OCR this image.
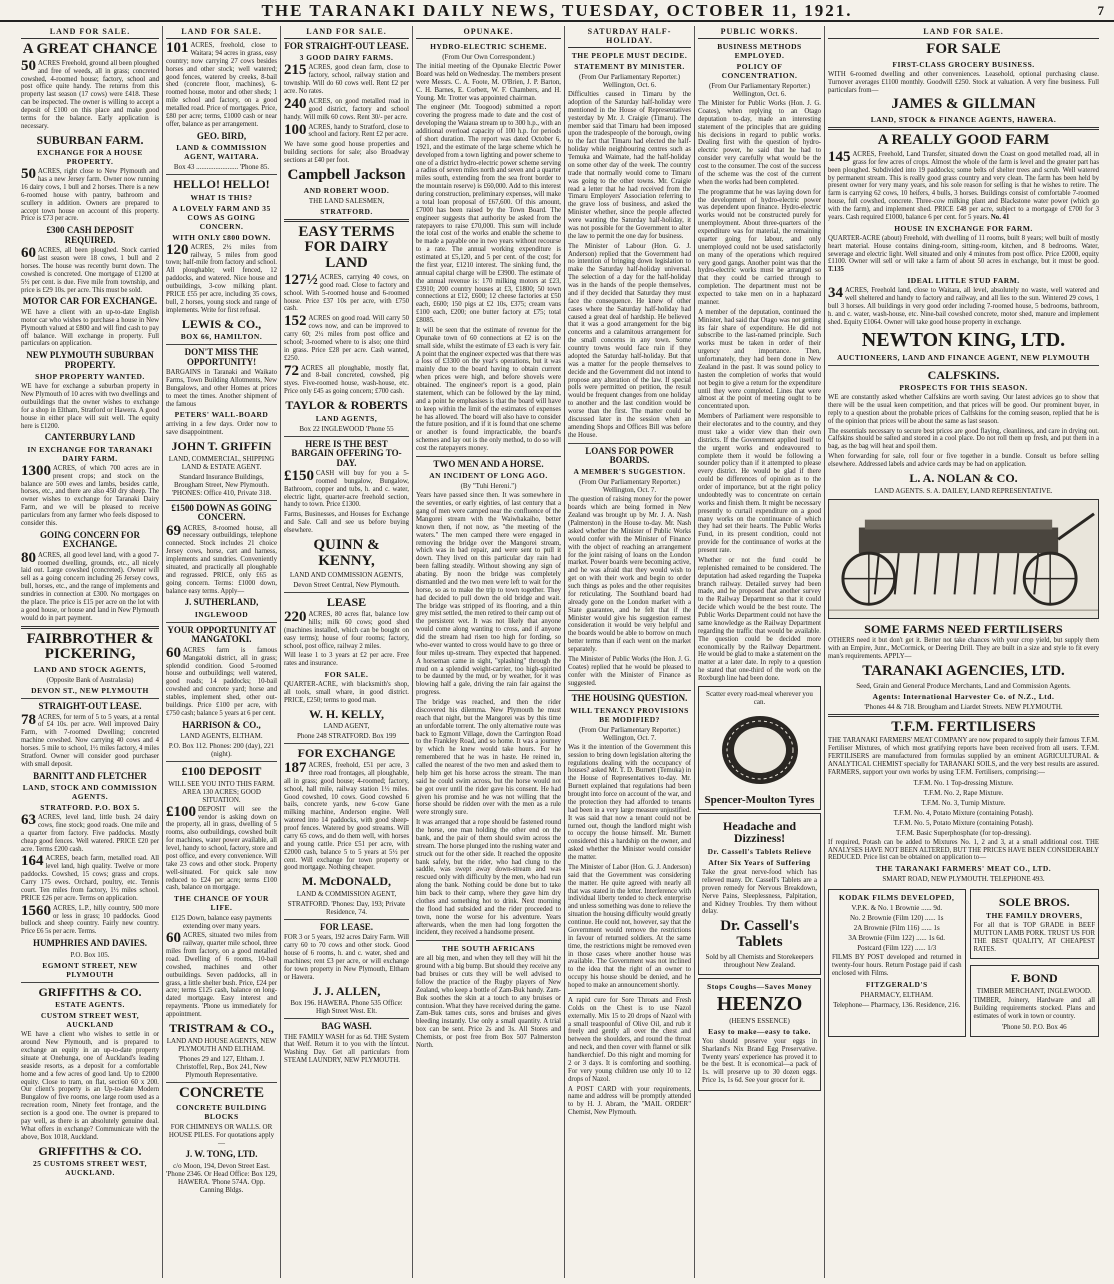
THE TARANAKI DAILY NEWS, TUESDAY, OCTOBER 11, 1921.	7
LAND FOR SALE.
A GREAT CHANCE
50 ACRES Freehold, ground all been ploughed and free of weeds, all in grass; concreted cowshed, 4-roomed house; factory, school and post office quite handy. The returns from this property last season (17 cows) were £418. These can be inspected. The owner is willing to accept a deposit of £100 on this place and make good terms for the balance. Early application is necessary.
SUBURBAN FARM.
EXCHANGE FOR A HOUSE PROPERTY.
50 ACRES, right close to New Plymouth and has a new Jersey farm. Owner now running 16 dairy cows, 1 bull and 2 horses. There is a new 6-roomed house with pantry, bathroom and scullery in addition. Owners are prepared to accept town house on account of this property. Price is £73 per acre.
£300 CASH DEPOSIT REQUIRED.
60 ACRES, all been ploughed. Stock carried last season were 18 cows, 1 bull and 2 horses. The house was recently burnt down. The cowshed is concreted. One mortgage of £1200 at 5½ per cent. is due. Five mile from township, and price is £29 10s. per acre. This must be sold.
MOTOR CAR FOR EXCHANGE.
WE have a client with an up-to-date English motor car who wishes to purchase a house in New Plymouth valued at £800 and will find cash to pay off balance. Will exchange in property. Full particulars on application.
NEW PLYMOUTH SUBURBAN PROPERTY.
SHOP PROPERTY WANTED.
WE have for exchange a suburban property in New Plymouth of 10 acres with two dwellings and outbuildings that the owner wishes to exchange for a shop in Eltham, Stratford or Hawera. A good house in either place will suit well. The equity here is £1200.
CANTERBURY LAND
IN EXCHANGE FOR TARANAKI DAIRY FARM.
1300 ACRES, of which 700 acres are in present crops; and stock on the balance are 500 ewes and lambs, besides cattle, horses, etc., and there are also 450 dry sheep. The owner wishes to exchange for Taranaki Dairy Farm, and we will be pleased to receive particulars from any farmer who feels disposed to consider this.
GOING CONCERN FOR EXCHANGE.
80 ACRES, all good level land, with a good 7-roomed dwelling, grounds, etc., all nicely laid out. Large cowshed (concreted). Owner will sell as a going concern including 26 Jersey cows, bull, horses, etc., and the range of implements and sundries in connection at £300. No mortgages on the place. The price is £15 per acre on the lot with a good house, or house and land in New Plymouth would do in part payment.
FAIRBROTHER & PICKERING,
LAND AND STOCK AGENTS,
(Opposite Bank of Australasia)
DEVON ST., NEW PLYMOUTH
STRAIGHT-OUT LEASE.
78 ACRES, for term of 5 to 5 years, at a rental of £4 10s. per acre. Well improved Dairy Farm, with 7-roomed Dwelling; concreted machine cowshed. Now carrying 40 cows and 4 horses. 5 mile to school, 1½ miles factory, 4 miles Stratford. Owner will consider good purchaser with small deposit.
BARNITT AND FLETCHER
LAND, STOCK AND COMMISSION AGENTS.
STRATFORD. P.O. BOX 5.
63 ACRES, level land, little bush. 24 dairy cows, fine stock; good roads. One mile and a quarter from factory. Five paddocks. Mostly cheap good fences. Well watered. PRICE £20 per acre. Terms £200 cash.
164 ACRES, beach farm, metalled road. All level land, high quality. Twelve or more paddocks. Cowshed, 15 cows; grass and crops. Carry 175 ewes. Orchard, poultry, etc. Tennis court. Ten miles from factory, 1½ miles school. PRICE £26 per acre. Terms on application.
1560 ACRES, L.P., hilly country, 500 more or less in grass; 10 paddocks. Good bullock and sheep country. Fairly new country. Price £6 5s per acre. Terms.
HUMPHRIES AND DAVIES.
P.O. Box 105.
EGMONT STREET, NEW PLYMOUTH
GRIFFITHS & CO.
ESTATE AGENTS.
CUSTOM STREET WEST, AUCKLAND
WE have a client who wishes to settle in or around New Plymouth, and is prepared to exchange an equity in an up-to-date property situate at Onehunga, one of Auckland's leading seaside resorts, as a deposit for a comfortable home and a few acres of good land. Up to £2000 equity. Close to tram, on flat, section 60 x 200. Our client's property is an Up-to-date Modern Bungalow of five rooms, one large room used as a recreation room, Ninety feet frontage, and the section is a good one. The owner is prepared to pay well, as there is an absolutely genuine deal. What offers in exchange? Communicate with the above, Box 1018, Auckland.
GRIFFITHS & CO.
25 CUSTOMS STREET WEST, AUCKLAND.
LAND FOR SALE.
101 ACRES, freehold, close to Waitara; 94 acres in grass, easy country; now carrying 27 cows besides horses and other stock; well watered; good fences, watered by creeks, 8-bail shed (concrete floor, machines), 6-roomed house, motor and other sheds; 1 mile school and factory, on a good metalled road. Price of mortgages. Price, £80 per acre; terms, £1000 cash or near offer, balance as per arrangement.
GEO. BIRD,
LAND & COMMISSION AGENT, WAITARA.
Box 43 ........................ 'Phone 85.
HELLO! HELLO!
WHAT IS THIS?
A LOVELY FARM AND 35 COWS AS GOING CONCERN.
WITH ONLY £800 DOWN.
120 ACRES, 2½ miles from railway, 5 miles from good town; half-mile from factory and school. All ploughable; well fenced, 12 paddocks, and watered. Nice house and outbuildings, 3-cow milking plant. PRICE £55 per acre, including 35 cows, bull, 2 horses, young stock and range of implements. Write for first refusal.
LEWIS & CO.,
BOX 66, HAMILTON.
DON'T MISS THE OPPORTUNITY!
BARGAINS in Taranaki and Waikato Farms, Town Building Allotments, New Bungalows, and other Homes at prices to meet the times. Another shipment of the famous
PETERS' WALL-BOARD
arriving in a few days. Order now to save disappointment.
JOHN T. GRIFFIN
LAND, COMMERCIAL, SHIPPING LAND & ESTATE AGENT.
Standard Insurance Buildings, Brougham Street, New Plymouth. 'PHONES: Office 410, Private 318.
£1500 DOWN AS GOING CONCERN.
69 ACRES, 8-roomed house, all necessary outbuildings, telephone connected. Stock includes 21 choice Jersey cows, horse, cart and harness, implements and sundries. Conveniently situated, and practically all ploughable and regrassed. PRICE, only £65 as going concern. Terms: £1000 down, balance easy terms. Apply—
J. SUTHERLAND,
INGLEWOOD
YOUR OPPORTUNITY AT MANGATOKI.
60 ACRES farm is famous Mangatoki district, all in grass; splendid condition. Good 5-roomed house and outbuildings; well watered, good roads; 14 paddocks; 10-bail cowshed and concrete yard; horse and stables, implement shed, other out-buildings. Price £100 per acre, with £750 cash; balance 5 years at 6 per cent.
HARRISON & CO.,
LAND AGENTS, ELTHAM.
P.O. Box 112. Phones: 200 (day), 221 (night).
£100 DEPOSIT
WILL SEE YOU INTO THIS FARM. AREA 130 ACRES; GOOD SITUATION.
£100 DEPOSIT will see the vendor is asking down on the property, all in grass, dwelling of 5 rooms, also outbuildings, cowshed built for machines, water power available, all level, handy to school, factory, store and post office, and every convenience. Will take 23 cows and other stock. Property well-situated. For quick sale now reduced to £24 per acre; terms £100 cash, balance on mortgage.
THE CHANCE OF YOUR LIFE.
£125 Down, balance easy payments extending over many years.
60 ACRES, situated two miles from railway, quarter mile school, three miles from factory, on a good metalled road. Dwelling of 6 rooms, 10-bail cowshed, machines and other outbuildings. Seven paddocks, all in grass, a little shelter bush. Price, £24 per acre; terms £125 cash, balance on long-dated mortgage. Easy interest and repayments. 'Phone us immediately for appointment.
TRISTRAM & CO.,
LAND AND HOUSE AGENTS, NEW PLYMOUTH AND ELTHAM.
'Phones 29 and 127, Eltham. J. Christoffel, Rep., Box 241, New Plymouth Representative.
CONCRETE
CONCRETE BUILDING BLOCKS
FOR CHIMNEYS OR WALLS. OR HOUSE PILES. For quotations apply—
J. W. TONG, LTD.
c/o Moon, 194, Devon Street East. 'Phone 2346. Or Head Office: Box 129, HAWERA. 'Phone 574A. Opp. Canning Bldgs.
LAND FOR SALE.
FOR STRAIGHT-OUT LEASE.
3 GOOD DAIRY FARMS.
215 ACRES, good clean farm, close to factory, school, railway station and township. Will do 60 cows well. Rent £2 per acre. No rates.
240 ACRES, on good metalled road in good district, factory and school handy. Will milk 60 cows. Rent 30/- per acre.
100 ACRES, handy to Stratford, close to school and factory. Rent £2 per acre.
We have some good house properties and building sections for sale; also Broadway sections at £40 per foot.
Campbell Jackson
AND ROBERT WOOD.
THE LAND SALESMEN,
STRATFORD.
EASY TERMS FOR DAIRY LAND
127½ ACRES, carrying 40 cows, on good road. Close to factory and school. With 5-roomed house and 6-roomed house. Price £37 10s per acre, with £750 cash.
152 ACRES on good road. Will carry 50 cows now, and can be improved to carry 60; 2½ miles from post office and school; 3-roomed where to is also; one third in grass. Price £28 per acre. Cash wanted, £250.
72 ACRES all ploughable, mostly flat, and 8-bail concreted, cowshed, pig styes. Five-roomed house, wash-house, etc. Price only £45 as going concern; £700 cash.
TAYLOR & ROBERTS
LAND AGENTS,
Box 22 INGLEWOOD 'Phone 55
HERE IS THE BEST BARGAIN OFFERING TO-DAY.
£150 CASH will buy for you a 5-roomed bungalow, Bungalow, Bathroom, copper and tubs, h. and c. water, electric light, quarter-acre freehold section, handy to town. Price £1300.
Farms, Businesses, and Houses for Exchange and Sale. Call and see us before buying elsewhere.
QUINN & KENNY,
LAND AND COMMISSION AGENTS,
Devon Street Central, New Plymouth.
LEASE
220 ACRES, 80 acres flat, balance low hills; milk 60 cows; good shed (machines installed, which can be bought on easy terms); house of four rooms; factory, school, post office, railway 2 miles.
Will lease 1 to 3 years at £2 per acre. Free rates and insurance.
FOR SALE.
QUARTER-ACRE, with blacksmith's shop, all tools, small whare, in good district. PRICE, £250; terms to good man.
W. H. KELLY,
LAND AGENT,
Phone 248 STRATFORD. Box 199
FOR EXCHANGE
187 ACRES, freehold, £51 per acre, 3 three road frontages, all ploughable, all in grass; good house; 4-roomed; factory, school, hall mile, railway station 1½ miles. Good cowshed, 10 cows. Good cowshed 6 bails, concrete yards, new 6-cow Gane milking machine, Anderson engine. Well watered into 14 paddocks, with good sheep-proof fences. Watered by good streams. Will carry 65 cows, and do them well, with horses and young cattle. Price £51 per acre, with £2000 cash, balance 5 to 5 years at 5½ per cent. Will exchange for town property or good mortgage. Nothing cheaper.
M. McDONALD,
LAND & COMMISSION AGENT,
STRATFORD. 'Phones: Day, 193; Private Residence, 74.
FOR LEASE.
FOR 3 or 5 years, 192 acres Dairy Farm. Will carry 60 to 70 cows and other stock. Good house of 6 rooms, h. and c. water, shed and machines; rent £3 per acre, or will exchange for town property in New Plymouth, Eltham or Hawera.
J. J. ALLEN,
Box 196. HAWERA. Phone 535 Office: High Street West. Elt.
BAG WASH.
THE FAMILY WASH for as 6d. THE System that Welf. Return it to you with the lintcut. Washing Day. Get all particulars from STEAM LAUNDRY, NEW PLYMOUTH.
OPUNAKE.
HYDRO-ELECTRIC SCHEME.
(From Our Own Correspondent.)
The initial meeting of the Opunake Electric Power Board was held on Wednesday. The members present were Messrs. C. A. Foote, M. O'Brien, J. P. Barton, C. H. Barnes, E. Corbett, W. F. Chambers, and H. Young. Mr. Trotter was appointed chairman.
The engineer (Mr. Toogood) submitted a report covering the progress made to date and the cost of developing the Waiaua stream up to 300 h.p., with an additional overload capacity of 100 h.p. for periods of short duration. The report was dated October 6, 1921, and the estimate of the large scheme which he developed from a town lighting and power scheme to one of a district hydro-electric power scheme serving a radius of seven miles north and seven and a quarter miles south, extending from the sea front border to the mountain reserve) is £60,000. Add to this interest during construction, preliminary expenses, will make a total loan proposal of £67,600. Of this amount, £7000 has been raised by the Town Board. The engineer suggests that authority be asked from the ratepayers to raise £70,000. This sum will include the total cost of the works and enable the scheme to be made a payable one in two years without recourse to a rate. The annual working expenditure is estimated at £5,120, and 5 per cent. of the cost; for the first year, £1210 interest. The sinking fund, the annual capital charge will be £3900. The estimate of the annual revenue is: 170 milking motors at £23, £3910; 200 country houses at £3, £1800; 50 town connections at £12, £600; 12 cheese factories at £50 each, £600; 150 pigs at £2 10s, £375; cream vans £100 each, £200; one butter factory at £75; total £8085.
It will be seen that the estimate of revenue for the Opunake town of 60 connections at £2 is on the small side, whilst the estimate of £3 each is very fair. A point that the engineer expected was that there was a loss of £3300 on the year's operations, but it was mainly due to the board having to obtain current when prices were high, and before shovels were obtained. The engineer's report is a good, plain statement, which can be followed by the lay mind, and a point he emphasises is that the board will have to keep within the limit of the estimates of expenses he has allowed. The board will also have to consider the future position, and if it is found that one scheme or another is found impracticable, the board's schemes and lay out is the only method, to do so will cost the ratepayers money.
TWO MEN AND A HORSE.
AN INCIDENT OF LONG AGO.
(By "Tuhi Hereni.")
Years have passed since then. It was somewhere in the seventies, or early eighties, of last century that a gang of men were camped near the confluence of the Mangorei stream with the Waiwhakaiho, better known then, if not now, as "the meeting of the waters." The men camped there were engaged in removing the bridge over the Mangorei stream, which was in bad repair, and were sent to pull it down. They lived on this particular day rain had been falling steadily. Without showing any sign of abating. By noon the bridge was completely dismantled and the two men were left to wait for the horse, so as to make the trip to town together. They had decided to pull down the old bridge and wait. The bridge was stripped of its flooring, and a thin grey mist settled, the men retired to their camp out of the persistent wet. It was not likely that anyone would come along wanting to cross, and if anyone did the stream had risen too high for fording, so who-ever wanted to cross would have to go three or four miles up-stream. They expected that happened. A horseman came in sight, "splashing" through the mud on a splendid weight-carrier, too high-spirited to be daunted by the mud, or by weather, for it was blowing half a gale, driving the rain fair against the progress.
The bridge was reached, and then the rider discovered his dilemma. New Plymouth he must reach that night, but the Mangorei was by this time an unfordable torrent. The only alternative route was back to Egmont Village, down the Carrington Road to the Frankley Road, and so home. It was a journey by which he knew would take hours. For he remembered that he was in haste. He reined in, called the nearest of the two men and asked them to help him get his horse across the stream. The man said he could swim across, but the horse would not be got over until the rider gave his consent. He had given his promise and he was not willing that the horse should be ridden over with the men as a rule were strongly sure.
It was arranged that a rope should be fastened round the horse, one man holding the other end on the bank, and the pair of them should swim across the stream. The horse plunged into the rushing water and struck out for the other side. It reached the opposite bank safely, but the rider, who had clung to the saddle, was swept away down-stream and was rescued only with difficulty by the men, who had run along the bank. Nothing could be done but to take him back to their camp, where they gave him dry clothes and something hot to drink. Next morning the flood had subsided and the rider proceeded to town, none the worse for his adventure. Years afterwards, when the men had long forgotten the incident, they received a handsome present.
THE SOUTH AFRICANS
are all big men, and when they tell they will hit the ground with a big bump. But should they receive any bad bruises or cuts they will be well advised to follow the practice of the Rugby players of New Zealand, who keep a bottle of Zam-Buk handy. Zam-Buk soothes the skin at a touch to any bruises or contusion. What they have received during the game. Zam-Buk tames cuts, sores and bruises and gives bleeding instantly. Use only a small quantity. A trial box can be sent. Price 2s and 3s. All Stores and Chemists, or post free from Box 507 Palmerston North.
SATURDAY HALF-HOLIDAY.
THE PEOPLE MUST DECIDE.
STATEMENT BY MINISTER.
(From Our Parliamentary Reporter.) Wellington, Oct. 6.
Difficulties caused in Timaru by the adoption of the Saturday half-holiday were mentioned in the House of Representatives yesterday by Mr. J. Craigie (Timaru). The member said that Timaru had been imposed upon the tradespeople of the borough, owing to the fact that Timaru had elected the half-holiday while neighbouring centres such as Temuka and Waimate, had the half-holiday on some other day of the week. The country trade that normally would come to Timaru was going to the other towns. Mr. Craigie read a letter that he had received from the Timaru Employers' Association referring to the grave loss of business, and asked the Minister whether, since the people affected were wanting the Saturday half-holiday, it was not possible for the Government to alter the law to permit the one day for business.
The Minister of Labour (Hon. G. J. Anderson) replied that the Government had no intention of bringing down legislation to make the Saturday half-holiday universal. The selection of a day for the half-holiday was in the hands of the people themselves, and if they decided that Saturday they must face the consequence. He knew of other cases where the Saturday half-holiday had caused a great deal of hardship. He believed that it was a good arrangement for the big concerns and a calamitous arrangement for the small concerns in any town. Some country towns would face ruin if they adopted the Saturday half-holiday. But that was a matter for the people themselves to decide and the Government did not intend to propose any alteration of the law. If special polls were permitted on petition, the result would be frequent changes from one holiday to another and the last condition would be worse than the first. The matter could be discussed later in the session when an amending Shops and Offices Bill was before the House.
LOANS FOR POWER BOARDS.
A MEMBER'S SUGGESTION.
(From Our Parliamentary Reporter.) Wellington, Oct. 7.
The question of raising money for the power boards which are being formed in New Zealand was brought up by Mr. J. A. Nash (Palmerston) in the House to-day. Mr. Nash asked whether the Minister of Public Works would confer with the Minister of Finance with the object of reaching an arrangement for the joint raising of loans on the London market. Power boards were becoming active, and he was afraid that they would wish to get on with their work and begin to order such things as poles and the other requisites for reticulating. The Southland board had already gone on the London market with a State guarantee, and he felt that if the Minister would give his suggestion earnest consideration it would be very helpful and the boards would be able to borrow on much better terms than if each went on the market separately.
The Minister of Public Works (the Hon. J. G. Coates) replied that he would be pleased to confer with the Minister of Finance as suggested.
THE HOUSING QUESTION.
WILL TENANCY PROVISIONS BE MODIFIED?
(From Our Parliamentary Reporter.) Wellington, Oct. 7.
Was it the intention of the Government this session to bring down legislation altering the regulations dealing with the occupancy of houses? asked Mr. T. D. Burnett (Temuka) in the House of Representatives to-day. Mr. Burnett explained that regulations had been brought into force on account of the war, and the protection they had afforded to tenants had been in a very large measure unjustified. It was said that now a tenant could not be turned out, though the landlord might wish to occupy the house himself. Mr. Burnett considered this a hardship on the owner, and asked whether the Minister would consider the matter.
The Minister of Labor (Hon. G. J. Anderson) said that the Government was considering the matter. He quite agreed with nearly all that was stated in the letter. Interference with individual liberty tended to check enterprise and unless something was done to relieve the situation the housing difficulty would greatly continue. He could not, however, say that the Government would remove the restrictions in favour of returned soldiers. At the same time, the restrictions might be removed even in those cases where another house was available. The Government was not inclined to the idea that the right of an owner to occupy his house should be denied, and he hoped to make an announcement shortly.
A rapid cure for Sore Throats and Fresh Colds on the Chest is to use Nazol externally. Mix 15 to 20 drops of Nazol with a small teaspoonful of Olive Oil, and rub it freely and gently all over the chest and between the shoulders, and round the throat and neck, and then cover with flannel or silk handkerchief. Do this night and morning for 2 or 3 days. It is comforting and soothing. For very young children use only 10 to 12 drops of Nazol.
A POST CARD with your requirements, name and address will be promptly attended to by H. J. Abram, the "MAIL ORDER" Chemist, New Plymouth.
PUBLIC WORKS.
BUSINESS METHODS EMPLOYED.
POLICY OF CONCENTRATION.
(From Our Parliamentary Reporter.) Wellington, Oct. 6.
The Minister for Public Works (Hon. J. G. Coates), when replying to an Otago deputation to-day, made an interesting statement of the principles that are guiding his decisions in regard to public works. Dealing first with the question of hydro-electric power, he said that he had to consider very carefully what would be the cost to the consumer. The cost of the success of the scheme was the cost of the current when the works had been completed.
The programme that he was laying down for the development of hydro-electric power was dependent upon finance. Hydro-electric works would not be constructed purely for unemployment. About three-quarters of the expenditure was for material, the remaining quarter going for labour, and only unemployed could not be used satisfactorily on many of the operations which required very good gangs. Another point was that the hydro-electric works must be arranged so that they could be carried through to completion. The department must not be expected to take men on in a haphazard manner.
A member of the deputation, continued the Minister, had said that Otago was not getting its fair share of expenditure. He did not subscribe to the last-named principle. Such works must be taken in order of their urgency and importance. Then, unfortunately, they had been done in New Zealand in the past. It was sound policy to hasten the completion of works that would not begin to give a return for the expenditure until they were completed. Lines that were almost at the point of meeting ought to be concentrated upon.
Members of Parliament were responsible to their electorates and to the country, and they must take a wider view than their own districts. If the Government applied itself to the urgent works and endeavoured to complete them it would be following a sounder policy than if it attempted to please every district. He would be glad if there could be differences of opinion as to the order of importance, but at the right policy undoubtedly was to concentrate on certain works and finish them. It might be necessary presently to curtail expenditure on a good many works on the continuance of which they had set their hearts. The Public Works Fund, in its present condition, could not provide for the continuance of works at the present rate.
Whether or not the fund could be replenished remained to be considered. The deputation had asked regarding the Tuapeka branch railway. Detailed survey had been made, and he proposed that another survey to the Railway Department so that it could decide which would be the best route. The Public Works Department could not have the same knowledge as the Railway Department regarding the traffic that would be available. The question could be decided more economically by the Railway Department. He would be glad to make a statement on the matter at a later date. In reply to a question he stated that one-third of the work on the Roxburgh line had been done.
Scatter every road-meal wherever you can.
Spencer-Moulton Tyres
Headache and Dizziness!
Dr. Cassell's Tablets Relieve
After Six Years of Suffering
Take the great nerve-food which has relieved many. Dr. Cassell's Tablets are a proven remedy for Nervous Breakdown, Nerve Pains, Sleeplessness, Palpitation, and Kidney Troubles. Try them without delay.
Dr. Cassell's Tablets
Sold by all Chemists and Storekeepers throughout New Zealand.
Stops Coughs—Saves Money
HEENZO
(HEEN'S ESSENCE)
Easy to make—easy to take.
You should preserve your eggs in Sharland's Nix Brand Egg Preservative. Twenty years' experience has proved it to be the best. It is economical—a pack of 1s. will preserve up to 30 dozen eggs. Price 1s, 1s 6d. See your grocer for it.
LAND FOR SALE.
FOR SALE
FIRST-CLASS GROCERY BUSINESS.
WITH 6-roomed dwelling and other conveniences. Leasehold, optional purchasing clause. Turnover averages £1100 monthly. Goodwill £250. Stock at valuation. A very fine business. Full particulars from—
JAMES & GILLMAN
LAND, STOCK & FINANCE AGENTS, HAWERA.
A REALLY GOOD FARM
145 ACRES, Freehold, Land Transfer, situated down the Coast on good metalled road, all in grass for few acres of crops. Almost the whole of the farm is level and the greater part has been ploughed. Subdivided into 19 paddocks; some belts of shelter trees and scrub. Well watered by permanent stream. This is really good grass country and very clean. The farm has been held by present owner for very many years, and his sole reason for selling is that he wishes to retire. The farm is carrying 62 cows, 10 heifers, 4 bulls, 3 horses. Buildings consist of comfortable 7-roomed house, full cowshed, concrete. Three-cow milking plant and Blackstone water power (which go with the farm), and implement shed. PRICE £48 per acre, subject to a mortgage of £700 for 3 years. Cash required £1000, balance 6 per cent. for 5 years. No. 41
HOUSE IN EXCHANGE FOR FARM.
QUARTER-ACRE (about) Freehold, with dwelling of 11 rooms, built 8 years; well built of mostly heart material. House contains dining-room, sitting-room, kitchen, and 8 bedrooms. Water, sewerage and electric light. Well situated and only 4 minutes from post office. Price £2000, equity £1100. Owner will sell or will take a farm of about 50 acres in exchange, but it must be good. T.135
IDEAL LITTLE STUD FARM.
34 ACRES, Freehold land, close to Waitara, all level, absolutely no waste, well watered and well sheltered and handy to factory and railway, and all lies to the sun. Wintered 29 cows, 1 bull 3 horses. All buildings in very good order including 7-roomed house, 5 bedrooms, bathroom, h. and c. water, wash-house, etc. Nine-bail cowshed concrete, motor shed, manure and implement shed. Equity £1064. Owner will take good house property in exchange.
NEWTON KING, LTD.
AUCTIONEERS, LAND AND FINANCE AGENT, NEW PLYMOUTH
CALFSKINS.
PROSPECTS FOR THIS SEASON.
WE are constantly asked whether Calfskins are worth saving. Our latest advices go to show that there will be the usual keen competition, and that prices will be good. Our prominent buyer, in reply to a question about the probable prices of Calfskins for the coming season, replied that he is of the opinion that prices will be about the same as last season.
The essentials necessary to secure best prices are good flaying, cleanliness, and care in drying out. Calfskins should be salted and stored in a cool place. Do not roll them up fresh, and put them in a bag, as the bag will heat and spoil them.
When forwarding for sale, roll four or five together in a bundle. Consult us before selling elsewhere. Addressed labels and advice cards may be had on application.
L. A. NOLAN & CO.
LAND AGENTS. S. A. DAILEY, LAND REPRESENTATIVE.
SOME FARMS NEED FERTILISERS
OTHERS need it but don't get it. Better not take chances with your crop yield, but supply them with an Empire, Junr., McCormick, or Deering Drill. They are built in a size and style to fit every man's requirements. APPLY—
TARANAKI AGENCIES, LTD.
Seed, Grain and General Produce Merchants, Land and Commission Agents.
Agents: International Harvester Co. of N.Z., Ltd.
'Phones 44 & 718. Brougham and Liardet Streets. NEW PLYMOUTH.
T.F.M. FERTILISERS
THE TARANAKI FARMERS' MEAT COMPANY are now prepared to supply their famous T.F.M. Fertiliser Mixtures, of which most gratifying reports have been received from all users. T.F.M. FERTILISERS are manufactured from formulas supplied by an eminent AGRICULTURAL & ANALYTICAL CHEMIST specially for TARANAKI SOILS, and the very best results are assured. FARMERS, support your own works by using T.F.M. Fertilisers, comprising:—
T.F.M. No. 1 Top-dressing Mixture.
T.F.M. No. 2, Rape Mixture.
T.F.M. No. 3, Turnip Mixture.
T.F.M. No. 4, Potato Mixture (containing Potash).
T.F.M. No. 5, Potato Mixture (containing Potash).
T.F.M. Basic Superphosphate (for top-dressing).
If required, Potash can be added to Mixtures No. 1, 2 and 3, at a small additional cost. THE ANALYSES HAVE NOT BEEN ALTERED, BUT THE PRICES HAVE BEEN CONSIDERABLY REDUCED. Price list can be obtained on application to—
THE TARANAKI FARMERS' MEAT CO., LTD.
SMART ROAD, NEW PLYMOUTH. TELEPHONE 493.
KODAK FILMS DEVELOPED,
V.P.K. & No. 1 Brownie ...... 9d.
No. 2 Brownie (Film 120) ...... 1s
2A Brownie (Film 116) ...... 1s
3A Brownie (Film 122) ...... 1s 6d.
Postcard (Film 122) ...... 1/3
FILMS BY POST developed and returned in twenty-four hours. Return Postage paid if cash enclosed with Films.
FITZGERALD'S
PHARMACY, ELTHAM.
Telephone— Pharmacy, 136. Residence, 216.
SOLE BROS.
THE FAMILY DROVERS,
For all that is TOP GRADE in BEEF MUTTON LAMB PORK. TRUST US FOR THE BEST QUALITY, AT CHEAPEST RATES.
F. BOND
TIMBER MERCHANT, INGLEWOOD.
TIMBER, Joinery, Hardware and all Building requirements stocked. Plans and estimates of work in town or country.
'Phone 50. P.O. Box 46
